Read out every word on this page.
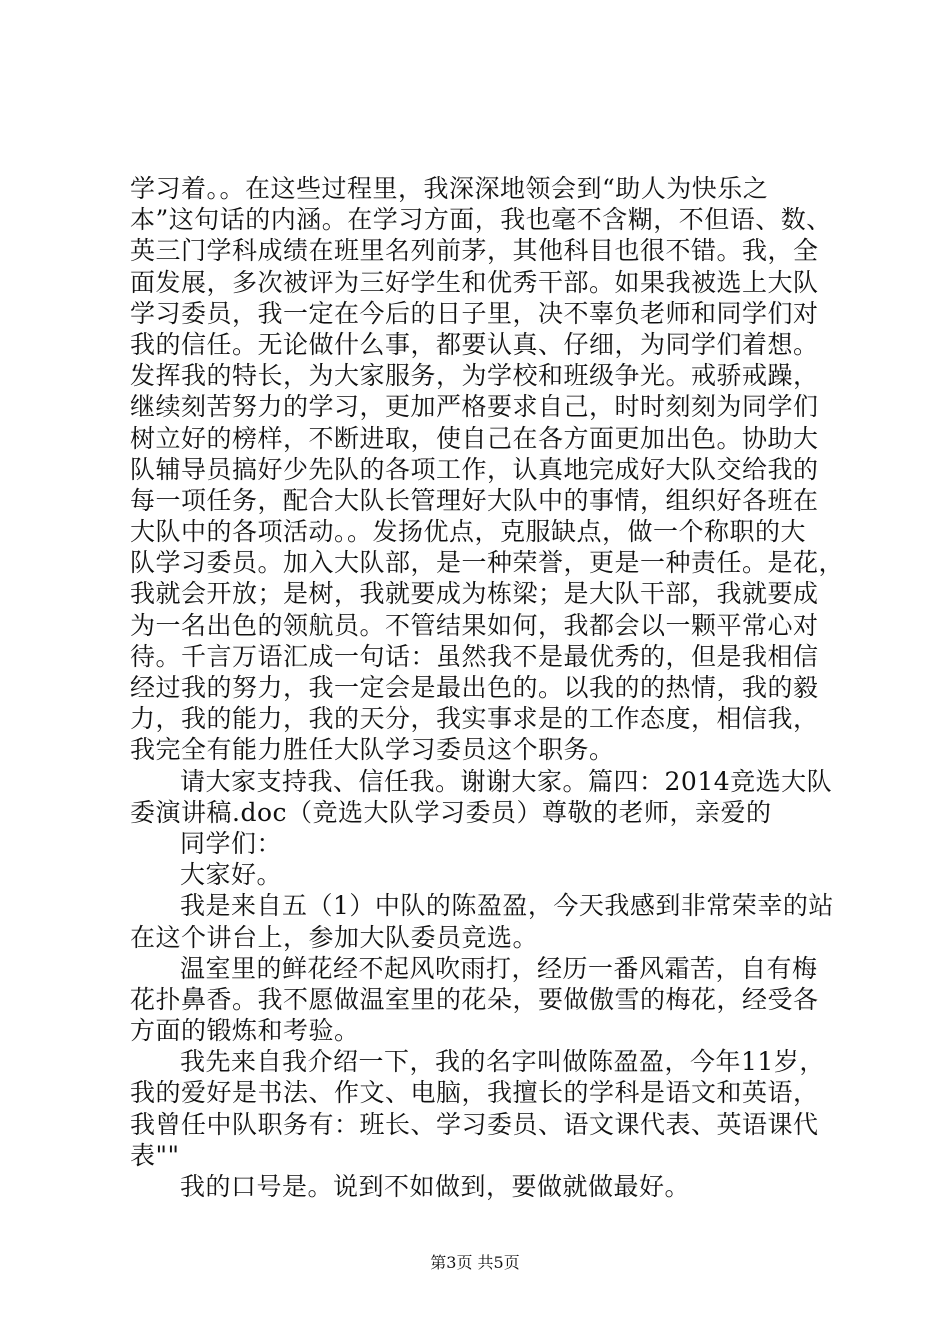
学习着。。在这些过程里，我深深地领会到“助人为快乐之
本”这句话的内涵。在学习方面，我也毫不含糊，不但语、数、
英三门学科成绩在班里名列前茅，其他科目也很不错。我，全
面发展，多次被评为三好学生和优秀干部。如果我被选上大队
学习委员，我一定在今后的日子里，决不辜负老师和同学们对
我的信任。无论做什么事，都要认真、仔细，为同学们着想。
发挥我的特长，为大家服务，为学校和班级争光。戒骄戒躁，
继续刻苦努力的学习，更加严格要求自己，时时刻刻为同学们
树立好的榜样，不断进取，使自己在各方面更加出色。协助大
队辅导员搞好少先队的各项工作，认真地完成好大队交给我的
每一项任务，配合大队长管理好大队中的事情，组织好各班在
大队中的各项活动。。发扬优点，克服缺点，做一个称职的大
队学习委员。加入大队部，是一种荣誉，更是一种责任。是花，
我就会开放；是树，我就要成为栋梁；是大队干部，我就要成
为一名出色的领航员。不管结果如何，我都会以一颗平常心对
待。千言万语汇成一句话：虽然我不是最优秀的，但是我相信
经过我的努力，我一定会是最出色的。以我的的热情，我的毅
力，我的能力，我的天分，我实事求是的工作态度，相信我，
我完全有能力胜任大队学习委员这个职务。
请大家支持我、信任我。谢谢大家。篇四：2014竞选大队
委演讲稿.doc（竞选大队学习委员）尊敬的老师，亲爱的
同学们：
大家好。
我是来自五（1）中队的陈盈盈，今天我感到非常荣幸的站
在这个讲台上，参加大队委员竞选。
温室里的鲜花经不起风吹雨打，经历一番风霜苦，自有梅
花扑鼻香。我不愿做温室里的花朵，要做傲雪的梅花，经受各
方面的锻炼和考验。
我先来自我介绍一下，我的名字叫做陈盈盈，今年11岁，
我的爱好是书法、作文、电脑，我擅长的学科是语文和英语，
我曾任中队职务有：班长、学习委员、语文课代表、英语课代
表""
我的口号是。说到不如做到，要做就做最好。
第3页 共5页
